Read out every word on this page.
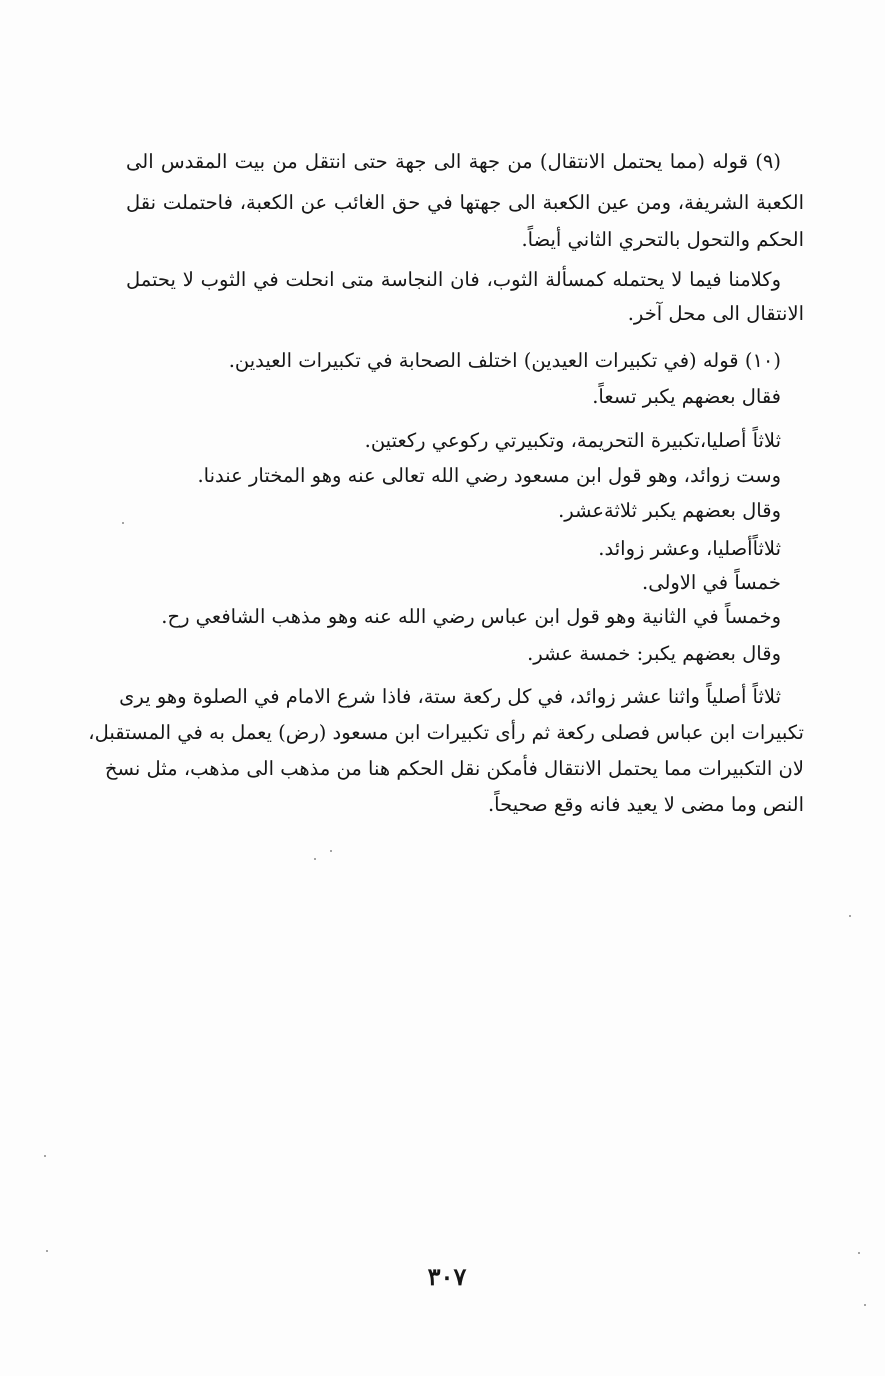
(٩) قوله (مما يحتمل الانتقال) من جهة الى جهة حتى انتقل من بيت المقدس الى
الكعبة الشريفة، ومن عين الكعبة الى جهتها في حق الغائب عن الكعبة، فاحتملت نقل
الحكم والتحول بالتحري الثاني أيضاً.
وكلامنا فيما لا يحتمله كمسألة الثوب، فان النجاسة متى انحلت في الثوب لا يحتمل
الانتقال الى محل آخر.
(١٠) قوله (في تكبيرات العيدين) اختلف الصحابة في تكبيرات العيدين.
فقال بعضهم يكبر تسعاً.
ثلاثاً أصليا،تكبيرة التحريمة، وتكبيرتي ركوعي ركعتين.
وست زوائد، وهو قول ابن مسعود رضي الله تعالى عنه وهو المختار عندنا.
وقال بعضهم يكبر ثلاثةعشر.
ثلاثاًأصليا، وعشر زوائد.
خمساً في الاولى.
وخمساً في الثانية وهو قول ابن عباس رضي الله عنه وهو مذهب الشافعي رح.
وقال بعضهم يكبر: خمسة عشر.
ثلاثاً أصلياً واثنا عشر زوائد، في كل ركعة ستة، فاذا شرع الامام في الصلوة وهو يرى
تكبيرات ابن عباس فصلى ركعة ثم رأى تكبيرات ابن مسعود (رض) يعمل به في المستقبل،
لان التكبيرات مما يحتمل الانتقال فأمكن نقل الحكم هنا من مذهب الى مذهب، مثل نسخ
النص وما مضى لا يعيد فانه وقع صحيحاً.
٣٠٧
